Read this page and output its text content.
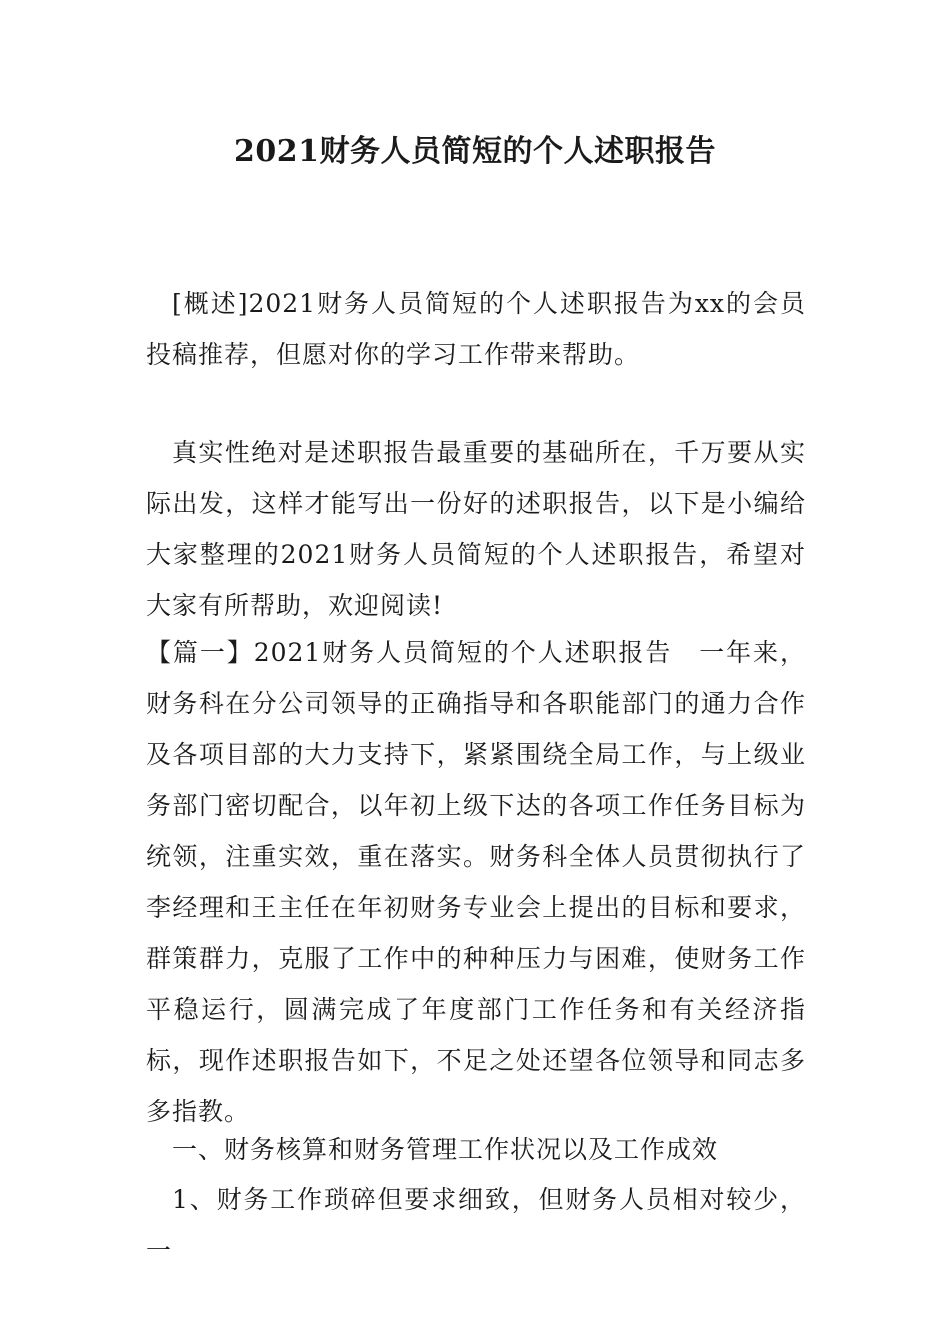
2021财务人员简短的个人述职报告

[概述]2021财务人员简短的个人述职报告为xx的会员投稿推荐，但愿对你的学习工作带来帮助。

真实性绝对是述职报告最重要的基础所在，千万要从实际出发，这样才能写出一份好的述职报告，以下是小编给大家整理的2021财务人员简短的个人述职报告，希望对大家有所帮助，欢迎阅读!

【篇一】2021财务人员简短的个人述职报告　一年来，财务科在分公司领导的正确指导和各职能部门的通力合作及各项目部的大力支持下，紧紧围绕全局工作，与上级业务部门密切配合，以年初上级下达的各项工作任务目标为统领，注重实效，重在落实。财务科全体人员贯彻执行了李经理和王主任在年初财务专业会上提出的目标和要求，群策群力，克服了工作中的种种压力与困难，使财务工作平稳运行，圆满完成了年度部门工作任务和有关经济指标，现作述职报告如下，不足之处还望各位领导和同志多多指教。

一、财务核算和财务管理工作状况以及工作成效

1、财务工作琐碎但要求细致，但财务人员相对较少，一
